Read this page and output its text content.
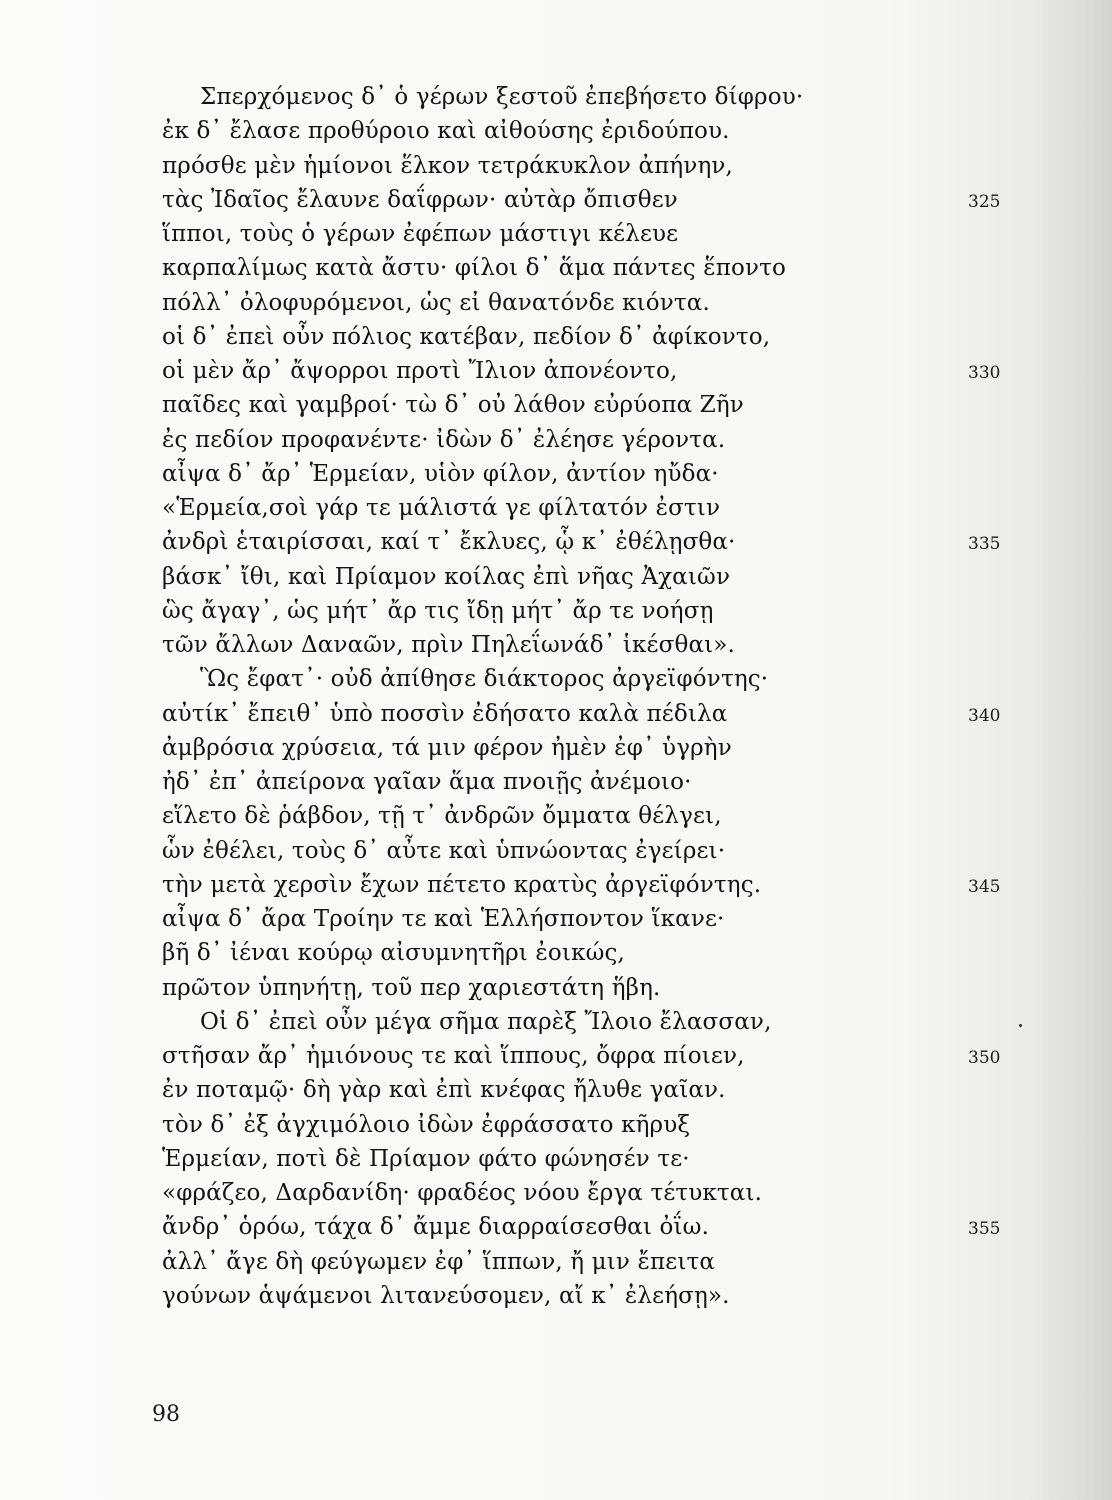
Σπερχόμενος δ᾽ ὁ γέρων ξεστοῦ ἐπεβήσετο δίφρου·
ἐκ δ᾽ ἔλασε προθύροιο καὶ αἰθούσης ἐριδούπου.
πρόσθε μὲν ἡμίονοι ἕλκον τετράκυκλον ἀπήνην,
τὰς Ἰδαῖος ἔλαυνε δαΐφρων· αὐτὰρ ὄπισθεν
ἵπποι, τοὺς ὁ γέρων ἐφέπων μάστιγι κέλευε
καρπαλίμως κατὰ ἄστυ· φίλοι δ᾽ ἅμα πάντες ἕποντο
πόλλ᾽ ὀλοφυρόμενοι, ὡς εἰ θανατόνδε κιόντα.
οἱ δ᾽ ἐπεὶ οὖν πόλιος κατέβαν, πεδίον δ᾽ ἀφίκοντο,
οἱ μὲν ἄρ᾽ ἄψορροι προτὶ Ἴλιον ἀπονέοντο,
παῖδες καὶ γαμβροί· τὼ δ᾽ οὐ λάθον εὐρύοπα Ζῆν
ἐς πεδίον προφανέντε· ἰδὼν δ᾽ ἐλέησε γέροντα.
αἶψα δ᾽ ἄρ᾽ Ἑρμείαν, υἱὸν φίλον, ἀντίον ηὔδα·
«Ἑρμεία,σοὶ γάρ τε μάλιστά γε φίλτατόν ἐστιν
ἀνδρὶ ἑταιρίσσαι, καί τ᾽ ἔκλυες, ᾧ κ᾽ ἐθέλῃσθα·
βάσκ᾽ ἴθι, καὶ Πρίαμον κοίλας ἐπὶ νῆας Ἀχαιῶν
ὣς ἄγαγ᾽, ὡς μήτ᾽ ἄρ τις ἴδῃ μήτ᾽ ἄρ τε νοήσῃ
τῶν ἄλλων Δαναῶν, πρὶν Πηλεΐωνάδ᾽ ἱκέσθαι».
Ὣς ἔφατ᾽· οὐδ ἀπίθησε διάκτορος ἀργεϊφόντης·
αὐτίκ᾽ ἔπειθ᾽ ὑπὸ ποσσὶν ἐδήσατο καλὰ πέδιλα
ἀμβρόσια χρύσεια, τά μιν φέρον ἠμὲν ἐφ᾽ ὑγρὴν
ἠδ᾽ ἐπ᾽ ἀπείρονα γαῖαν ἅμα πνοιῇς ἀνέμοιο·
εἵλετο δὲ ῥάβδον, τῇ τ᾽ ἀνδρῶν ὄμματα θέλγει,
ὧν ἐθέλει, τοὺς δ᾽ αὖτε καὶ ὑπνώοντας ἐγείρει·
τὴν μετὰ χερσὶν ἔχων πέτετο κρατὺς ἀργεϊφόντης.
αἶψα δ᾽ ἄρα Τροίην τε καὶ Ἑλλήσποντον ἵκανε·
βῆ δ᾽ ἰέναι κούρῳ αἰσυμνητῆρι ἐοικώς,
πρῶτον ὑπηνήτῃ, τοῦ περ χαριεστάτη ἥβη.
Οἱ δ᾽ ἐπεὶ οὖν μέγα σῆμα παρὲξ Ἴλοιο ἔλασσαν,
στῆσαν ἄρ᾽ ἡμιόνους τε καὶ ἵππους, ὄφρα πίοιεν,
ἐν ποταμῷ· δὴ γὰρ καὶ ἐπὶ κνέφας ἤλυθε γαῖαν.
τὸν δ᾽ ἐξ ἀγχιμόλοιο ἰδὼν ἐφράσσατο κῆρυξ
Ἑρμείαν, ποτὶ δὲ Πρίαμον φάτο φώνησέν τε·
«φράζεο, Δαρδανίδη· φραδέος νόου ἔργα τέτυκται.
ἄνδρ᾽ ὁρόω, τάχα δ᾽ ἄμμε διαρραίσεσθαι ὀΐω.
ἀλλ᾽ ἄγε δὴ φεύγωμεν ἐφ᾽ ἵππων, ἤ μιν ἔπειτα
γούνων ἁψάμενοι λιτανεύσομεν, αἴ κ᾽ ἐλεήσῃ».
325
330
335
340
345
350
355
98
